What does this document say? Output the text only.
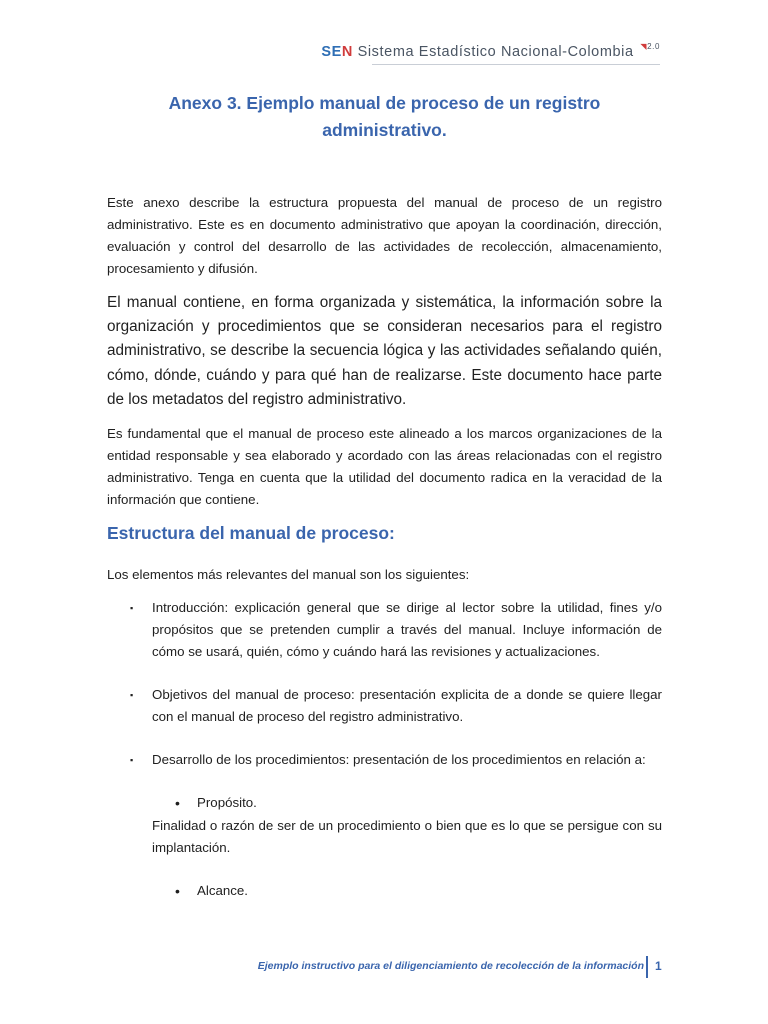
SEN Sistema Estadístico Nacional-Colombia $^{◥2.0}$
Anexo 3. Ejemplo manual de proceso de un registro administrativo.

Este anexo describe la estructura propuesta del manual de proceso de un registro administrativo. Este es en documento administrativo que apoyan la coordinación, dirección, evaluación y control del desarrollo de las actividades de recolección, almacenamiento, procesamiento y difusión.

El manual contiene, en forma organizada y sistemática, la información sobre la organización y procedimientos que se consideran necesarios para el registro administrativo, se describe la secuencia lógica y las actividades señalando quién, cómo, dónde, cuándo y para qué han de realizarse. Este documento hace parte de los metadatos del registro administrativo.

Es fundamental que el manual de proceso este alineado a los marcos organizaciones de la entidad responsable y sea elaborado y acordado con las áreas relacionadas con el registro administrativo. Tenga en cuenta que la utilidad del documento radica en la veracidad de la información que contiene.

Estructura del manual de proceso:

Los elementos más relevantes del manual son los siguientes:

▪	Introducción: explicación general que se dirige al lector sobre la utilidad, fines y/o propósitos que se pretenden cumplir a través del manual. Incluye información de cómo se usará, quién, cómo y cuándo hará las revisiones y actualizaciones.

▪	Objetivos del manual de proceso: presentación explicita de a donde se quiere llegar con el manual de proceso del registro administrativo.

▪	Desarrollo de los procedimientos: presentación de los procedimientos en relación a:

• Propósito.

Finalidad o razón de ser de un procedimiento o bien que es lo que se persigue con su implantación.

• Alcance.
Ejemplo instructivo para el diligenciamiento de recolección de la información 1
